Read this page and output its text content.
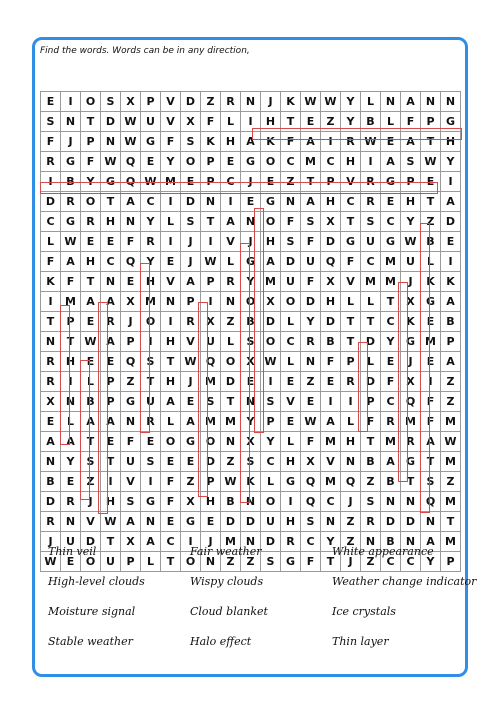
Find the words. Words can be in any direction,
E	I	O	S	X	P	V	D	Z	R	N	J	K W W Y	L	N	A	N N
S	N	T	D W U	V	X	F	L	I	H	T	E	Z	Y	B	L	F	P	G
F	J	P	N W G	F	S	K	H	A	K	F	A	I	R W E	A	T	H
R	G	F W Q	E	Y	O	P	E	G O	C M C	H	I	A	S W Y
I	B	Y	G Q W M E	P	C	J	E	Z	T	P	V	R	G	P	E	I
D	R	O	T	A	C	I	D N	I	E	G N	A	H	C	R	E	H	T	A
C	G	R	H N	Y	L	S	T	A	N O	F	S	X	T	S	C	Y	Z	D
L W E	E	F	R	I	J	I	V	J	H	S	F	D G	U	G W B	E
F	A	H	C	Q	Y	E	J	W L	G	A	D U Q	F	C M U	L	I
K	F	T	N	E	H	V	A	P	R	Y M U	F	X	V M M	J	K	K
I	M A	A	X M N	P	I	N O	X	O D H	L	L	T	X	G	A
T	P	E	R	J	O	I	R	X	Z	B	D	L	Y	D	T	T	C	K	E	B
N	T W A	P	I	H	V	U	L	S	O	C	R	B	T	D	Y	G M P
R	H	E	E	Q	S	T W Q O	X W L	N	F	P	L	E	J	E	A
R	I	L	P	Z	T	H	J	M D	E	I	E	Z	E	R	D	F	X	I	Z
X	N	B	P	G	U	A	E	S	T	N	S	V	E	I	I	P	C	Q	F	Z
E	L	A	A	N	R	L	A M M Y	P	E W A	L	F	R M F M
A	A	T	E	F	E	O G O N	X	Y	L	F M H	T M R	A W
N	Y	S	T	U	S	E	E	D	Z	S	C	H	X	V	N	B	A	G	T M
B	E	Z	I	V	I	F	Z	P W K	L	G Q M Q	Z	B	T	S	Z
D	R	J	H	S	G	F	X	H	B	N O	I	Q	C	J	S	N N Q M
R	N	V W A	N	E	G	E	D D U H	S	N	Z	R	D D N	T
J	U D	T	X	A	C	I	J	M N D	R	C	Y	Z	N	B	N	A M
W E	O U	P	L	T	O N	Z	Z	S	G	F	T	J	Z	C	C	Y	P
Thin veil	Fair weather	White appearance
High-level clouds	Wispy clouds	Weather change indicator
Moisture signal	Cloud blanket	Ice crystals
Stable weather	Halo effect	Thin layer
